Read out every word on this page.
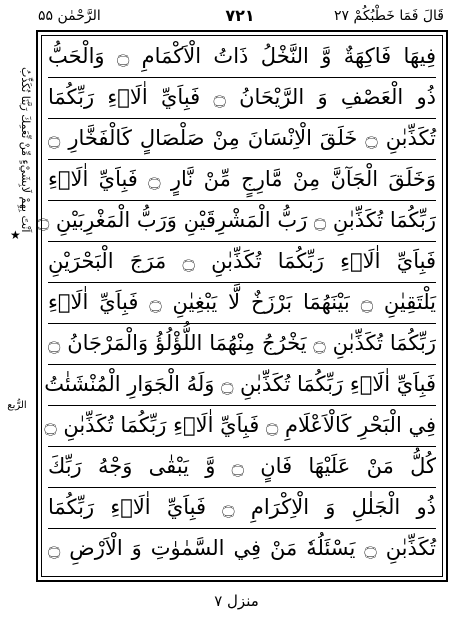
الرَّحْمٰن ۵۵	۷۲۱	قَالَ فَمَا خَطْبُكُمْ ۲۷
اَنْتَ بِهِمْ لَابِشَيْءٍ مِّنْ نِّعَمِكَ رَبَّنَا نُكَذِّبُ
★
الرُّبع
فِيهَا فَاكِهَةٌ وَّ النَّخْلُ ذَاتُ الْاَكْمَامِ ۝ وَالْحَبُّ
ذُو الْعَصْفِ وَ الرَّيْحَانُ ۝ فَبِاَيِّ اٰلَاۤءِ رَبِّكُمَا
تُكَذِّبٰنِ ۝ خَلَقَ الْاِنْسَانَ مِنْ صَلْصَالٍ كَالْفَخَّارِ ۝
وَخَلَقَ الْجَآنَّ مِنْ مَّارِجٍ مِّنْ نَّارٍ ۝ فَبِاَيِّ اٰلَاۤءِ
رَبِّكُمَا تُكَذِّبٰنِ ۝ رَبُّ الْمَشْرِقَيْنِ وَرَبُّ الْمَغْرِبَيْنِ ۝
فَبِاَيِّ اٰلَاۤءِ رَبِّكُمَا تُكَذِّبٰنِ ۝ مَرَجَ الْبَحْرَيْنِ
يَلْتَقِيٰنِ ۝ بَيْنَهُمَا بَرْزَخٌ لَّا يَبْغِيٰنِ ۝ فَبِاَيِّ اٰلَاۤءِ
رَبِّكُمَا تُكَذِّبٰنِ ۝ يَخْرُجُ مِنْهُمَا اللُّؤْلُؤُ وَالْمَرْجَانُ ۝
فَبِاَيِّ اٰلَاۤءِ رَبِّكُمَا تُكَذِّبٰنِ ۝ وَلَهُ الْجَوَارِ الْمُنْشَئٰتُ
فِي الْبَحْرِ كَالْاَعْلَامِ ۝ فَبِاَيِّ اٰلَاۤءِ رَبِّكُمَا تُكَذِّبٰنِ ۝
كُلُّ مَنْ عَلَيْهَا فَانٍ ۝ وَّ يَبْقٰى وَجْهُ رَبِّكَ
ذُو الْجَلٰلِ وَ الْاِكْرَامِ ۝ فَبِاَيِّ اٰلَاۤءِ رَبِّكُمَا
تُكَذِّبٰنِ ۝ يَسْئَلُهٗ مَنْ فِي السَّمٰوٰتِ وَ الْاَرْضِ ۝
منزل ۷
